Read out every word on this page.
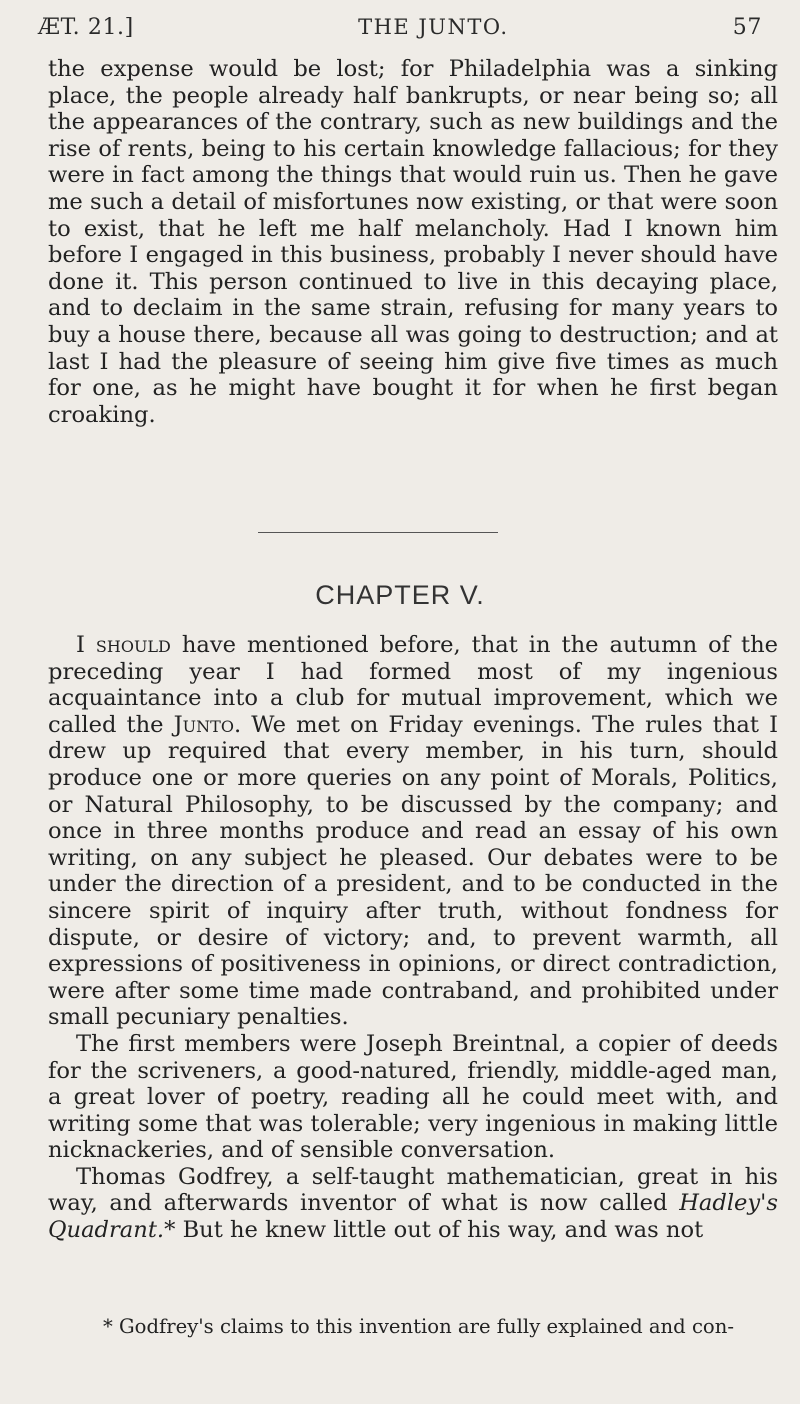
ÆT. 21.]	THE JUNTO.	57

the expense would be lost; for Philadelphia was a sinking place, the people already half bankrupts, or near being so; all the appearances of the contrary, such as new buildings and the rise of rents, being to his certain knowledge fallacious; for they were in fact among the things that would ruin us. Then he gave me such a detail of misfortunes now existing, or that were soon to exist, that he left me half melancholy. Had I known him before I engaged in this business, probably I never should have done it. This person continued to live in this decaying place, and to declaim in the same strain, refusing for many years to buy a house there, because all was going to destruction; and at last I had the pleasure of seeing him give five times as much for one, as he might have bought it for when he first began croaking.

CHAPTER V.

I should have mentioned before, that in the autumn of the preceding year I had formed most of my ingenious acquaintance into a club for mutual improvement, which we called the Junto. We met on Friday evenings. The rules that I drew up required that every member, in his turn, should produce one or more queries on any point of Morals, Politics, or Natural Philosophy, to be discussed by the company; and once in three months produce and read an essay of his own writing, on any subject he pleased. Our debates were to be under the direction of a president, and to be conducted in the sincere spirit of inquiry after truth, without fondness for dispute, or desire of victory; and, to prevent warmth, all expressions of positiveness in opinions, or direct contradiction, were after some time made contraband, and prohibited under small pecuniary penalties.

The first members were Joseph Breintnal, a copier of deeds for the scriveners, a good-natured, friendly, middle-aged man, a great lover of poetry, reading all he could meet with, and writing some that was tolerable; very ingenious in making little nicknackeries, and of sensible conversation.

Thomas Godfrey, a self-taught mathematician, great in his way, and afterwards inventor of what is now called Hadley's Quadrant.* But he knew little out of his way, and was not

* Godfrey's claims to this invention are fully explained and con-
